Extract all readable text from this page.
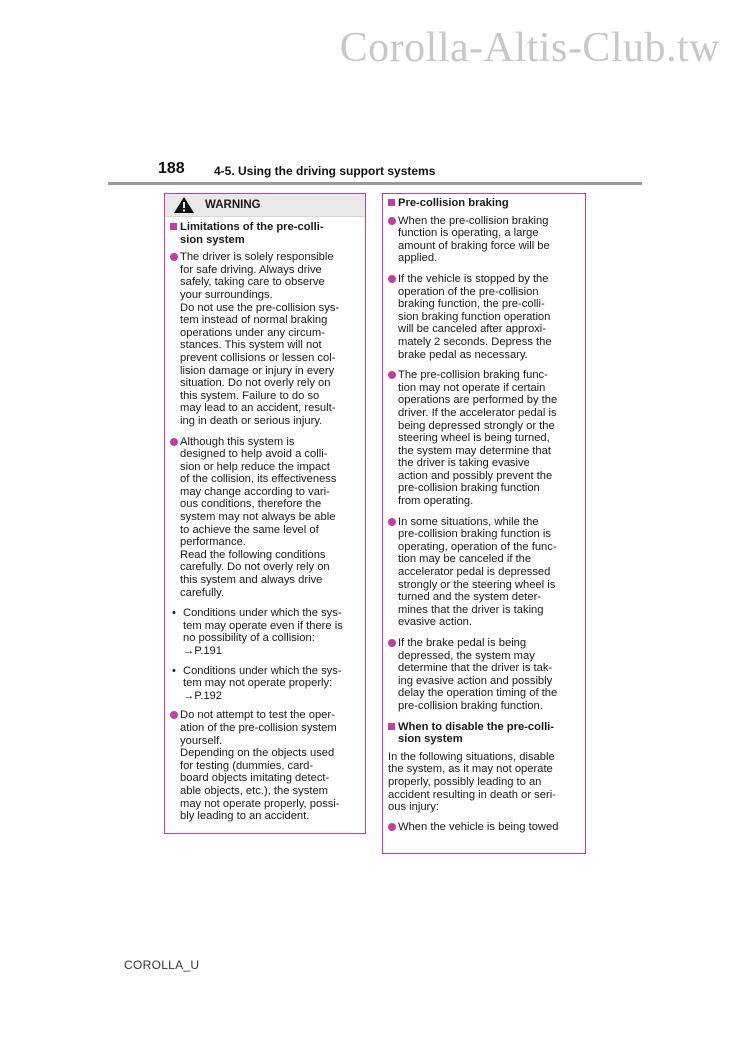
Corolla-Altis-Club.tw
188 4-5. Using the driving support systems
WARNING
Limitations of the pre-colli-
sion system
The driver is solely responsible
for safe driving. Always drive
safely, taking care to observe
your surroundings.
Do not use the pre-collision sys-
tem instead of normal braking
operations under any circum-
stances. This system will not
prevent collisions or lessen col-
lision damage or injury in every
situation. Do not overly rely on
this system. Failure to do so
may lead to an accident, result-
ing in death or serious injury.
Although this system is
designed to help avoid a colli-
sion or help reduce the impact
of the collision, its effectiveness
may change according to vari-
ous conditions, therefore the
system may not always be able
to achieve the same level of
performance.
Read the following conditions
carefully. Do not overly rely on
this system and always drive
carefully.
• Conditions under which the sys-
tem may operate even if there is
no possibility of a collision:
→P.191
• Conditions under which the sys-
tem may not operate properly:
→P.192
Do not attempt to test the oper-
ation of the pre-collision system
yourself.
Depending on the objects used
for testing (dummies, card-
board objects imitating detect-
able objects, etc.), the system
may not operate properly, possi-
bly leading to an accident.
Pre-collision braking
When the pre-collision braking
function is operating, a large
amount of braking force will be
applied.
If the vehicle is stopped by the
operation of the pre-collision
braking function, the pre-colli-
sion braking function operation
will be canceled after approxi-
mately 2 seconds. Depress the
brake pedal as necessary.
The pre-collision braking func-
tion may not operate if certain
operations are performed by the
driver. If the accelerator pedal is
being depressed strongly or the
steering wheel is being turned,
the system may determine that
the driver is taking evasive
action and possibly prevent the
pre-collision braking function
from operating.
In some situations, while the
pre-collision braking function is
operating, operation of the func-
tion may be canceled if the
accelerator pedal is depressed
strongly or the steering wheel is
turned and the system deter-
mines that the driver is taking
evasive action.
If the brake pedal is being
depressed, the system may
determine that the driver is tak-
ing evasive action and possibly
delay the operation timing of the
pre-collision braking function.
When to disable the pre-colli-
sion system
In the following situations, disable
the system, as it may not operate
properly, possibly leading to an
accident resulting in death or seri-
ous injury:
When the vehicle is being towed
COROLLA_U
